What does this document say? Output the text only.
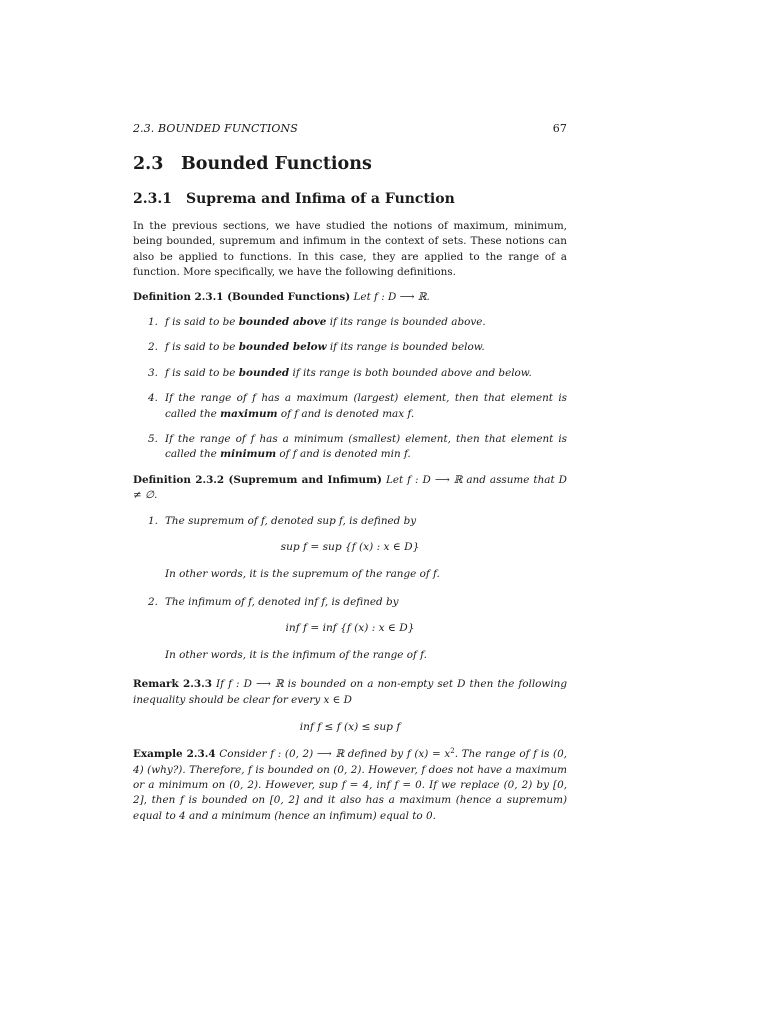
2.3. BOUNDED FUNCTIONS	67
2.3 Bounded Functions
2.3.1 Suprema and Infima of a Function

In the previous sections, we have studied the notions of maximum, minimum, being bounded, supremum and infimum in the context of sets. These notions can also be applied to functions. In this case, they are applied to the range of a function. More specifically, we have the following definitions.

Definition 2.3.1 (Bounded Functions) Let f : D ⟶ ℝ.

1. f is said to be bounded above if its range is bounded above.
2. f is said to be bounded below if its range is bounded below.
3. f is said to be bounded if its range is both bounded above and below.
4. If the range of f has a maximum (largest) element, then that element is called the maximum of f and is denoted max f.
5. If the range of f has a minimum (smallest) element, then that element is called the minimum of f and is denoted min f.

Definition 2.3.2 (Supremum and Infimum) Let f : D ⟶ ℝ and assume that D ≠ ∅.

1. The supremum of f, denoted sup f, is defined by
sup f = sup {f (x) : x ∈ D}
In other words, it is the supremum of the range of f.
2. The infimum of f, denoted inf f, is defined by
inf f = inf {f (x) : x ∈ D}
In other words, it is the infimum of the range of f.

Remark 2.3.3 If f : D ⟶ ℝ is bounded on a non-empty set D then the following inequality should be clear for every x ∈ D

inf f ≤ f (x) ≤ sup f

Example 2.3.4 Consider f : (0, 2) ⟶ ℝ defined by f $(x) = x^2$. The range of f is (0, 4) (why?). Therefore, f is bounded on (0, 2). However, f does not have a maximum or a minimum on (0, 2). However, sup f = 4, inf f = 0. If we replace (0, 2) by [0, 2], then f is bounded on [0, 2] and it also has a maximum (hence a supremum) equal to 4 and a minimum (hence an infimum) equal to 0.
